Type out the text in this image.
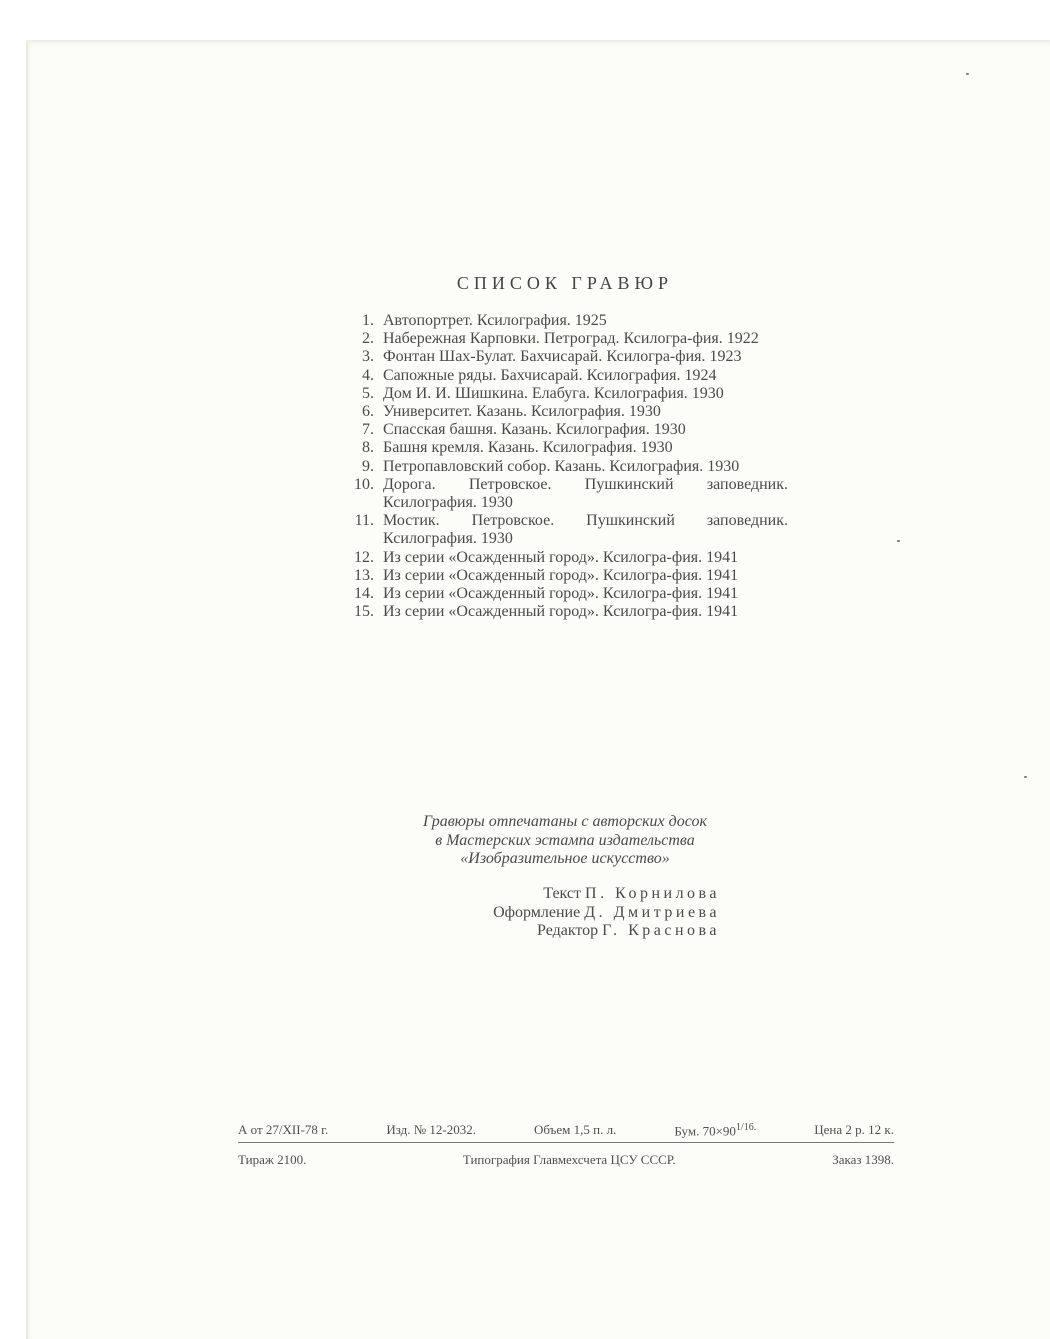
СПИСОК ГРАВЮР
1. Автопортрет. Ксилография. 1925
2. Набережная Карповки. Петроград. Ксилогра-фия. 1922
3. Фонтан Шах-Булат. Бахчисарай. Ксилогра-фия. 1923
4. Сапожные ряды. Бахчисарай. Ксилография. 1924
5. Дом И. И. Шишкина. Елабуга. Ксилография. 1930
6. Университет. Казань. Ксилография. 1930
7. Спасская башня. Казань. Ксилография. 1930
8. Башня кремля. Казань. Ксилография. 1930
9. Петропавловский собор. Казань. Ксилография. 1930
10. Дорога. Петровское. Пушкинский заповедник. Ксилография. 1930
11. Мостик. Петровское. Пушкинский заповедник. Ксилография. 1930
12. Из серии «Осажденный город». Ксилогра-фия. 1941
13. Из серии «Осажденный город». Ксилогра-фия. 1941
14. Из серии «Осажденный город». Ксилогра-фия. 1941
15. Из серии «Осажденный город». Ксилогра-фия. 1941
Гравюры отпечатаны с авторских досок
в Мастерских эстампа издательства
«Изобразительное искусство»
Текст П. Корнилова
Оформление Д. Дмитриева
Редактор Г. Краснова
А от 27/XII-78 г.	Изд. № 12-2032.	Объем 1,5 п. л.	Бум. $70\times 90^{1/16.}$	Цена 2 р. 12 к.
Тираж 2100.	Типография Главмехсчета ЦСУ СССР.	Заказ 1398.
